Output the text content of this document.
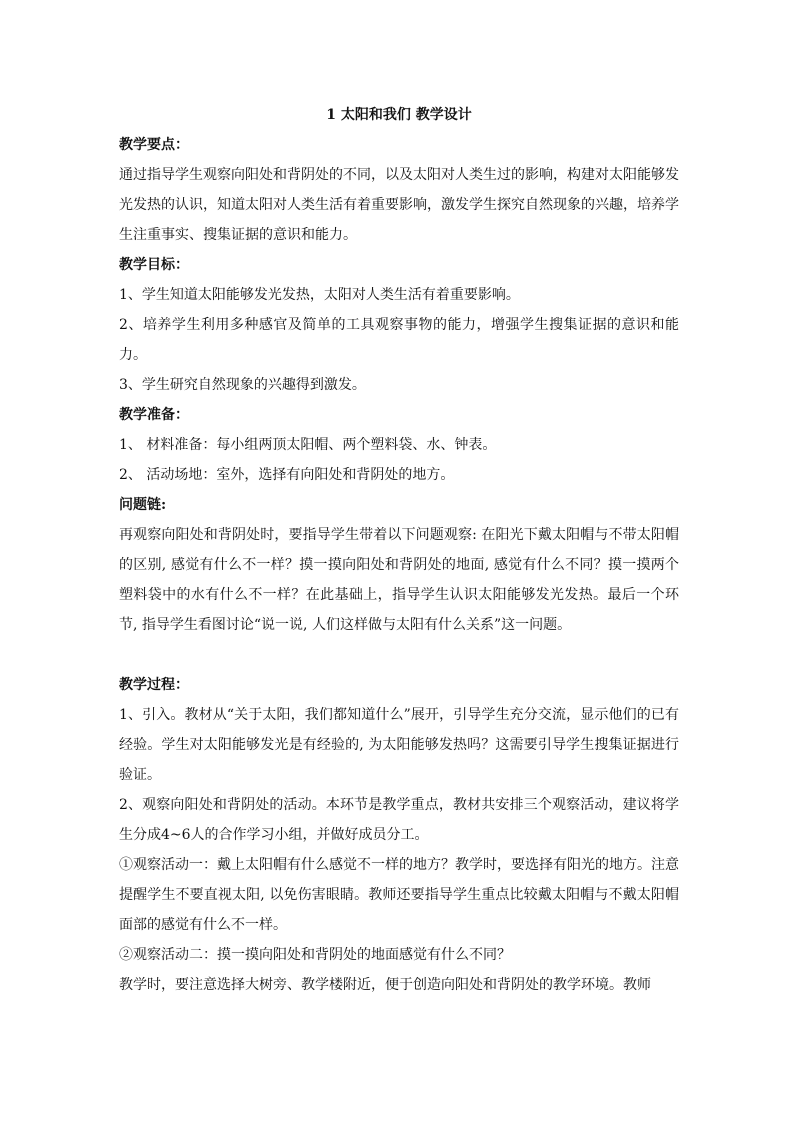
1 太阳和我们 教学设计

教学要点：

通过指导学生观察向阳处和背阴处的不同，以及太阳对人类生过的影响，构建对太阳能够发光发热的认识，知道太阳对人类生活有着重要影响，激发学生探究自然现象的兴趣，培养学生注重事实、搜集证据的意识和能力。

教学目标：

1、学生知道太阳能够发光发热，太阳对人类生活有着重要影响。

2、培养学生利用多种感官及简单的工具观察事物的能力，增强学生搜集证据的意识和能力。

3、学生研究自然现象的兴趣得到激发。

教学准备：

1、 材料准备：每小组两顶太阳帽、两个塑料袋、水、钟表。

2、 活动场地：室外，选择有向阳处和背阴处的地方。

问题链:

再观察向阳处和背阴处时，要指导学生带着以下问题观察: 在阳光下戴太阳帽与不带太阳帽的区别, 感觉有什么不一样？摸一摸向阳处和背阴处的地面, 感觉有什么不同？摸一摸两个塑料袋中的水有什么不一样？在此基础上，指导学生认识太阳能够发光发热。最后一个环节, 指导学生看图讨论“说一说, 人们这样做与太阳有什么关系”这一问题。

教学过程：

1、引入。教材从“关于太阳，我们都知道什么”展开，引导学生充分交流，显示他们的已有经验。学生对太阳能够发光是有经验的, 为太阳能够发热吗？这需要引导学生搜集证据进行验证。

2、观察向阳处和背阴处的活动。本环节是教学重点，教材共安排三个观察活动，建议将学生分成4~6人的合作学习小组，并做好成员分工。

①观察活动一：戴上太阳帽有什么感觉不一样的地方？教学时，要选择有阳光的地方。注意提醒学生不要直视太阳, 以免伤害眼睛。教师还要指导学生重点比较戴太阳帽与不戴太阳帽面部的感觉有什么不一样。

②观察活动二：摸一摸向阳处和背阴处的地面感觉有什么不同？

教学时，要注意选择大树旁、教学楼附近，便于创造向阳处和背阴处的教学环境。教师
